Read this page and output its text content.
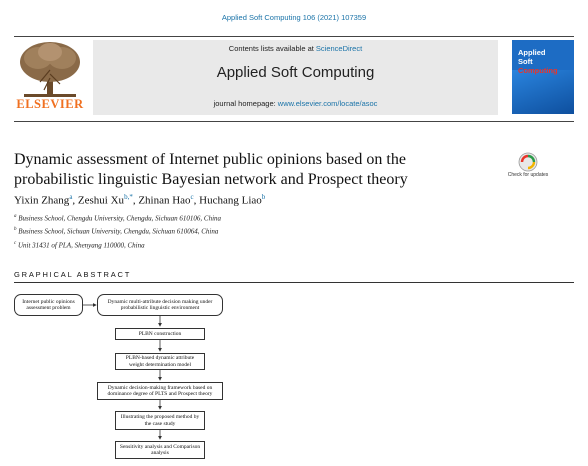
Applied Soft Computing 106 (2021) 107359
ELSEVIER
Contents lists available at ScienceDirect
Applied Soft Computing
journal homepage: www.elsevier.com/locate/asoc
Applied
Soft
Computing
Dynamic assessment of Internet public opinions based on the probabilistic linguistic Bayesian network and Prospect theory	Check for updates
Yixin Zhang$^a$, Zeshui $Xu^{b,*}$, Zhinan Hao$^c$, Huchang Liao$^b$
$^a$ Business School, Chengdu University, Chengdu, Sichuan 610106, China
$^b$ Business School, Sichuan University, Chengdu, Sichuan 610064, China
$^c$ Unit 31431 of PLA, Shenyang 110000, China
GRAPHICAL ABSTRACT
Internet public opinions assessment problem
Dynamic multi-attribute decision making under probabilistic linguistic environment
PLBN construction
PLBN-based dynamic attribute weight determination model
Dynamic decision-making framework based on dominance degree of PLTS and Prospect theory
Illustrating the proposed method by the case study
Sensitivity analysis and Comparison analysis
